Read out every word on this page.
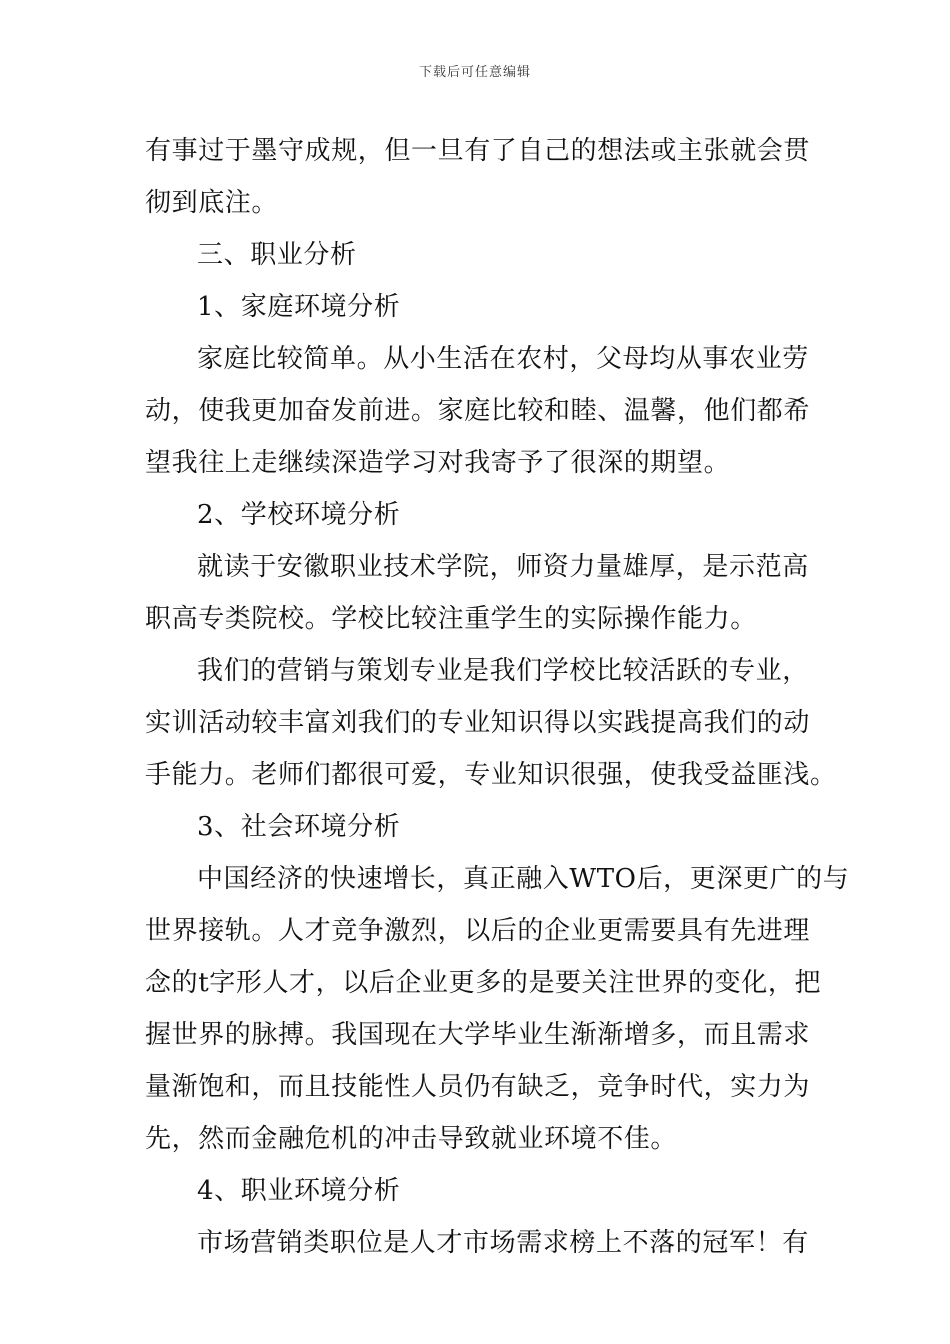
下载后可任意编辑
有事过于墨守成规，但一旦有了自己的想法或主张就会贯
彻到底注。
三、职业分析
1、家庭环境分析
家庭比较简单。从小生活在农村，父母均从事农业劳
动，使我更加奋发前进。家庭比较和睦、温馨，他们都希
望我往上走继续深造学习对我寄予了很深的期望。
2、学校环境分析
就读于安徽职业技术学院，师资力量雄厚，是示范高
职高专类院校。学校比较注重学生的实际操作能力。
我们的营销与策划专业是我们学校比较活跃的专业，
实训活动较丰富刘我们的专业知识得以实践提高我们的动
手能力。老师们都很可爱，专业知识很强，使我受益匪浅。
3、社会环境分析
中国经济的快速增长，真正融入WTO后，更深更广的与
世界接轨。人才竞争激烈，以后的企业更需要具有先进理
念的t字形人才，以后企业更多的是要关注世界的变化，把
握世界的脉搏。我国现在大学毕业生渐渐增多，而且需求
量渐饱和，而且技能性人员仍有缺乏，竞争时代，实力为
先，然而金融危机的冲击导致就业环境不佳。
4、职业环境分析
市场营销类职位是人才市场需求榜上不落的冠军！有
